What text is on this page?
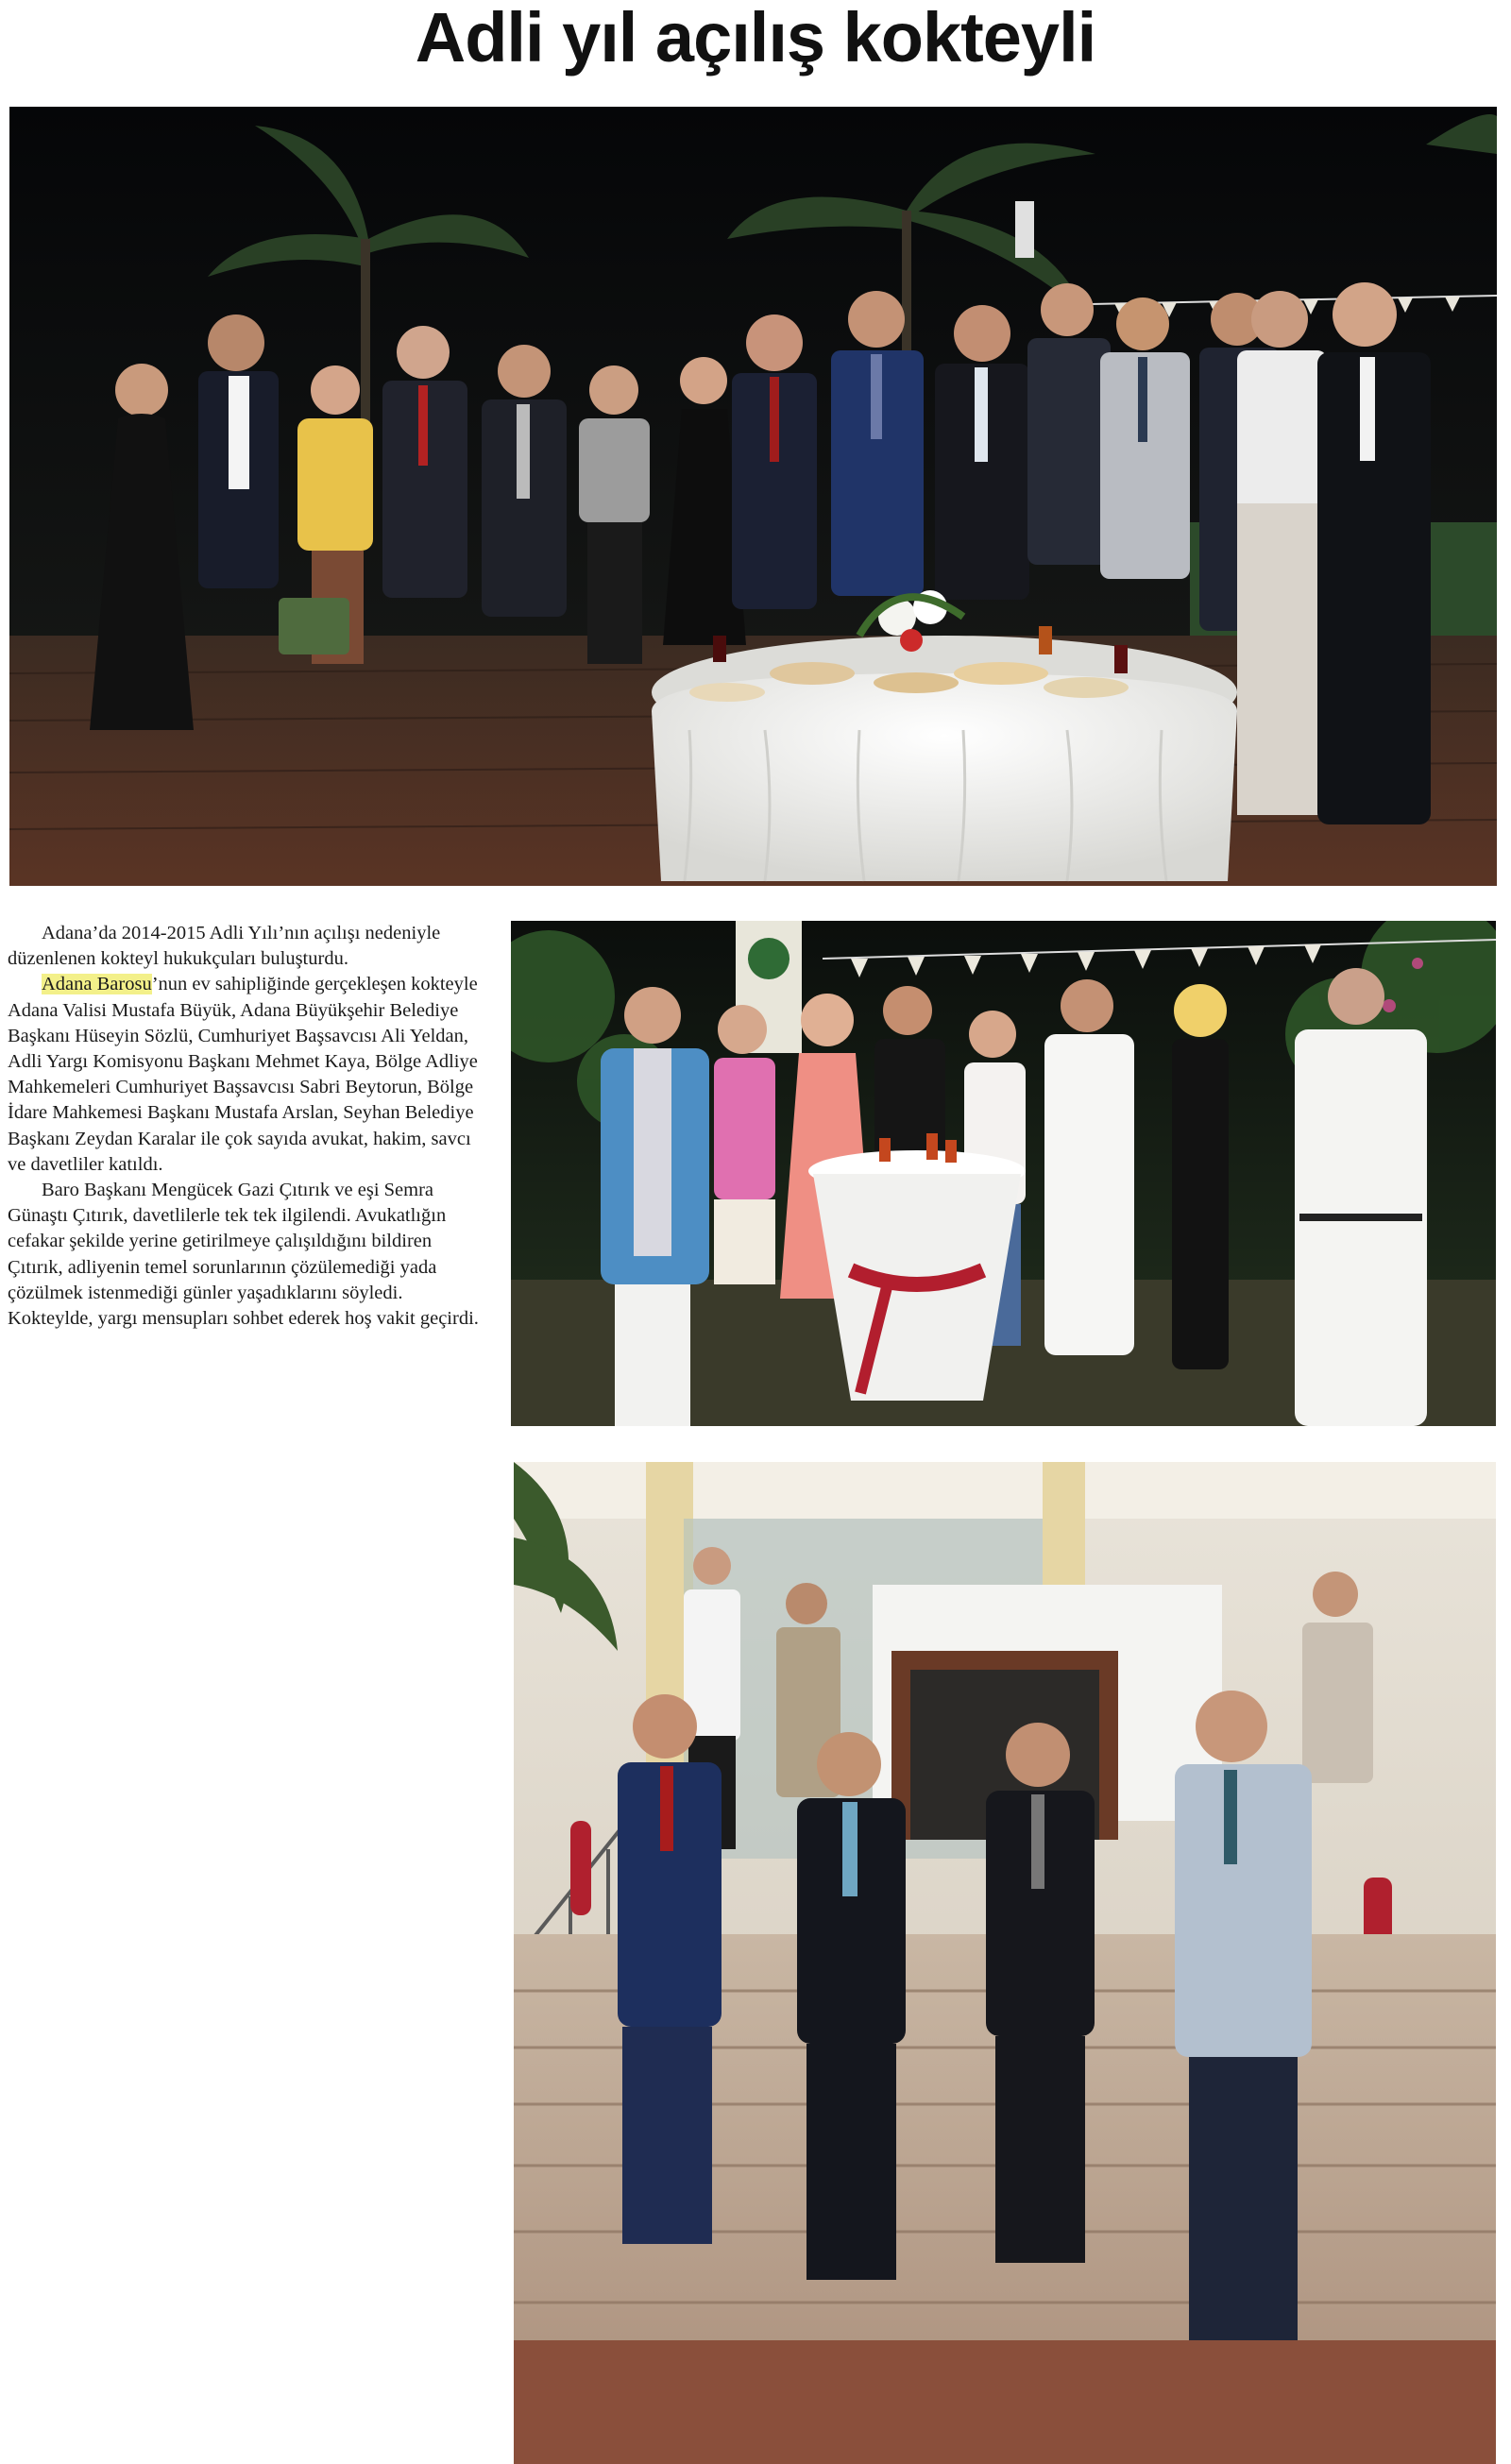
Adli yıl açılış kokteyli

Adana’da 2014-2015 Adli Yılı’nın açılışı nedeniyle düzenlenen kokteyl hukukçuları buluşturdu.

Adana Barosu’nun ev sahipliğinde gerçekleşen kokteyle Adana Valisi Mustafa Büyük, Adana Büyükşehir Belediye Başkanı Hüseyin Sözlü, Cumhuriyet Başsavcısı Ali Yeldan, Adli Yargı Komisyonu Başkanı Mehmet Kaya, Bölge Adliye Mahkemeleri Cumhuriyet Başsavcısı Sabri Beytorun, Bölge İdare Mahkemesi Başkanı Mustafa Arslan, Seyhan Belediye Başkanı Zeydan Karalar ile çok sayıda avukat, hakim, savcı ve davetliler katıldı.

Baro Başkanı Mengücek Gazi Çıtırık ve eşi Semra Günaştı Çıtırık, davetlilerle tek tek ilgilendi. Avukatlığın cefakar şekilde yerine getirilmeye çalışıldığını bildiren Çıtırık, adliyenin temel sorunlarının çözülemediği yada çözülmek istenmediği günler yaşadıklarını söyledi. Kokteylde, yargı mensupları sohbet ederek hoş vakit geçirdi.
